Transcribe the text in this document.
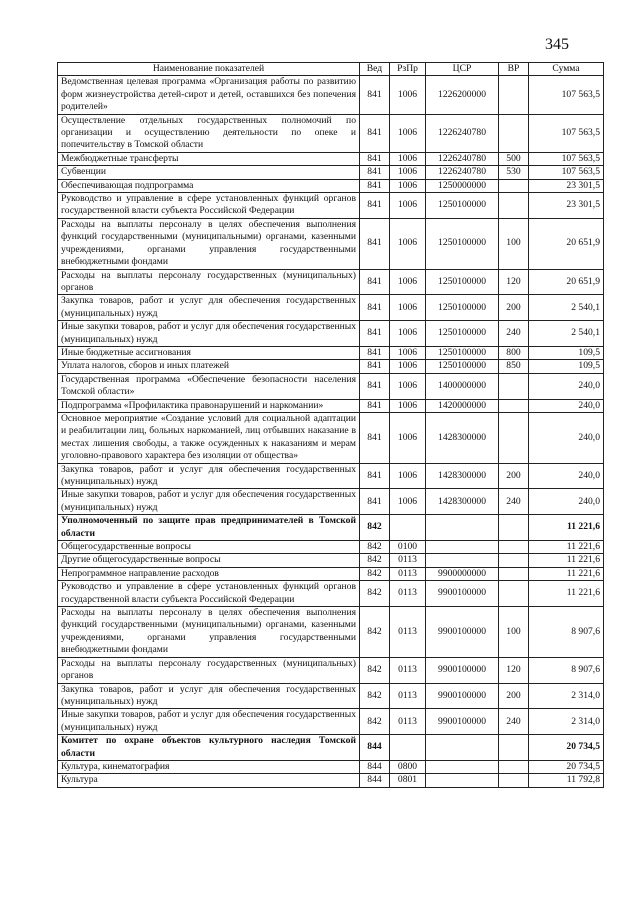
345
Наименование показателей	Вед	РзПр	ЦСР	ВР	Сумма
Ведомственная целевая программа «Организация работы по развитию форм жизнеустройства детей-сирот и детей, оставшихся без попечения родителей»	841	1006	1226200000		107 563,5
Осуществление отдельных государственных полномочий по организации и осуществлению деятельности по опеке и попечительству в Томской области	841	1006	1226240780		107 563,5
Межбюджетные трансферты	841	1006	1226240780	500	107 563,5
Субвенции	841	1006	1226240780	530	107 563,5
Обеспечивающая подпрограмма	841	1006	1250000000		23 301,5
Руководство и управление в сфере установленных функций органов государственной власти субъекта Российской Федерации	841	1006	1250100000		23 301,5
Расходы на выплаты персоналу в целях обеспечения выполнения функций государственными (муниципальными) органами, казенными учреждениями, органами управления государственными внебюджетными фондами	841	1006	1250100000	100	20 651,9
Расходы на выплаты персоналу государственных (муниципальных) органов	841	1006	1250100000	120	20 651,9
Закупка товаров, работ и услуг для обеспечения государственных (муниципальных) нужд	841	1006	1250100000	200	2 540,1
Иные закупки товаров, работ и услуг для обеспечения государственных (муниципальных) нужд	841	1006	1250100000	240	2 540,1
Иные бюджетные ассигнования	841	1006	1250100000	800	109,5
Уплата налогов, сборов и иных платежей	841	1006	1250100000	850	109,5
Государственная программа «Обеспечение безопасности населения Томской области»	841	1006	1400000000		240,0
Подпрограмма «Профилактика правонарушений и наркомании»	841	1006	1420000000		240,0
Основное мероприятие «Создание условий для социальной адаптации и реабилитации лиц, больных наркоманией, лиц отбывших наказание в местах лишения свободы, а также осужденных к наказаниям и мерам уголовно-правового характера без изоляции от общества»	841	1006	1428300000		240,0
Закупка товаров, работ и услуг для обеспечения государственных (муниципальных) нужд	841	1006	1428300000	200	240,0
Иные закупки товаров, работ и услуг для обеспечения государственных (муниципальных) нужд	841	1006	1428300000	240	240,0
Уполномоченный по защите прав предпринимателей в Томской области	842				11 221,6
Общегосударственные вопросы	842	0100			11 221,6
Другие общегосударственные вопросы	842	0113			11 221,6
Непрограммное направление расходов	842	0113	9900000000		11 221,6
Руководство и управление в сфере установленных функций органов государственной власти субъекта Российской Федерации	842	0113	9900100000		11 221,6
Расходы на выплаты персоналу в целях обеспечения выполнения функций государственными (муниципальными) органами, казенными учреждениями, органами управления государственными внебюджетными фондами	842	0113	9900100000	100	8 907,6
Расходы на выплаты персоналу государственных (муниципальных) органов	842	0113	9900100000	120	8 907,6
Закупка товаров, работ и услуг для обеспечения государственных (муниципальных) нужд	842	0113	9900100000	200	2 314,0
Иные закупки товаров, работ и услуг для обеспечения государственных (муниципальных) нужд	842	0113	9900100000	240	2 314,0
Комитет по охране объектов культурного наследия Томской области	844				20 734,5
Культура, кинематография	844	0800			20 734,5
Культура	844	0801			11 792,8
